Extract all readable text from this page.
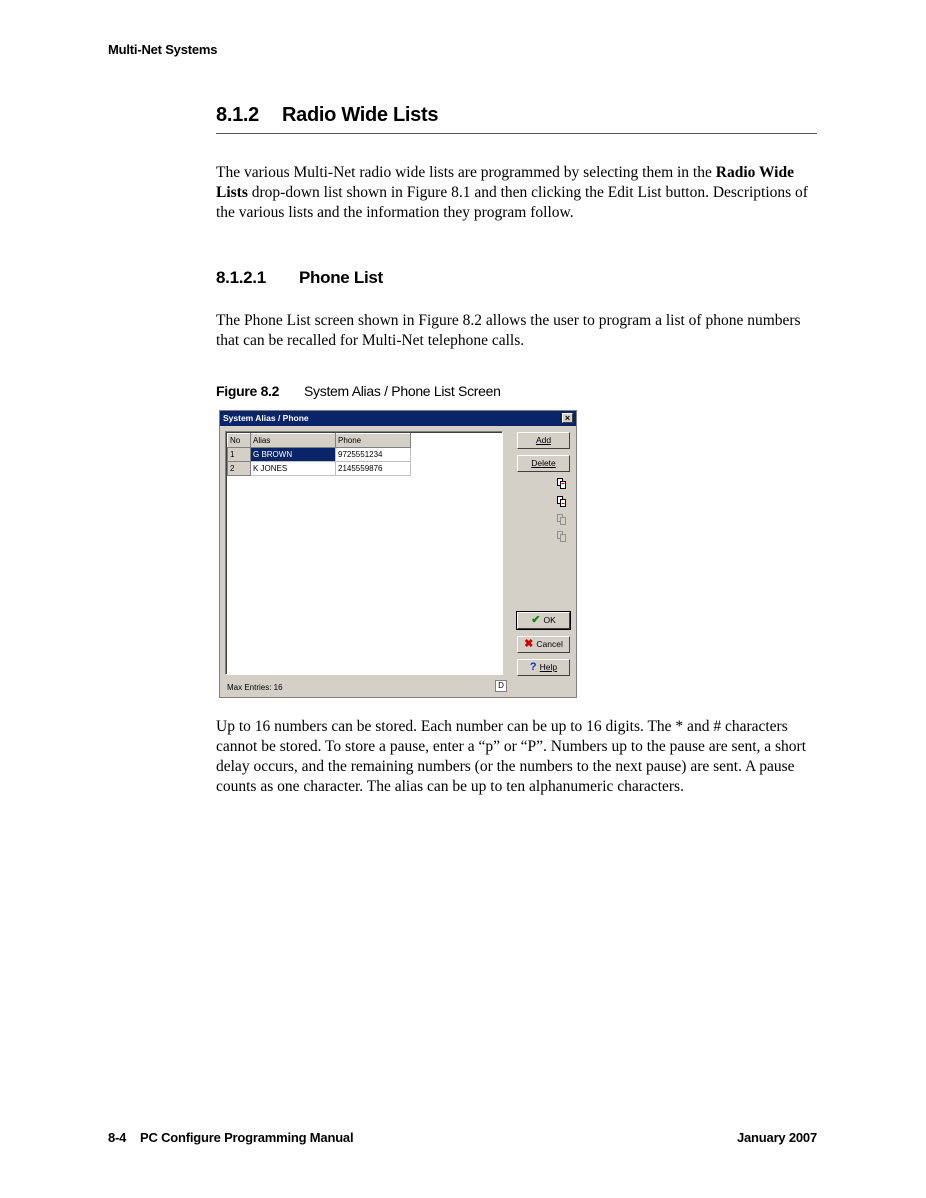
Multi-Net Systems
8.1.2 Radio Wide Lists

The various Multi-Net radio wide lists are programmed by selecting them in the Radio Wide Lists drop-down list shown in Figure 8.1 and then clicking the Edit List button. Descriptions of the various lists and the information they program follow.

8.1.2.1 Phone List

The Phone List screen shown in Figure 8.2 allows the user to program a list of phone numbers that can be recalled for Multi-Net telephone calls.

Figure 8.2 System Alias / Phone List Screen
System Alias / Phone	×
No	Alias	Phone
1	G BROWN	9725551234
2	K JONES	2145559876
Max Entries: 16	D
Add
Delete
✔ OK
✖ Cancel
? Help

Up to 16 numbers can be stored. Each number can be up to 16 digits. The * and # characters cannot be stored. To store a pause, enter a “p” or “P”. Numbers up to the pause are sent, a short delay occurs, and the remaining numbers (or the numbers to the next pause) are sent. A pause counts as one character. The alias can be up to ten alphanumeric characters.

8-4 PC Configure Programming Manual	January 2007
